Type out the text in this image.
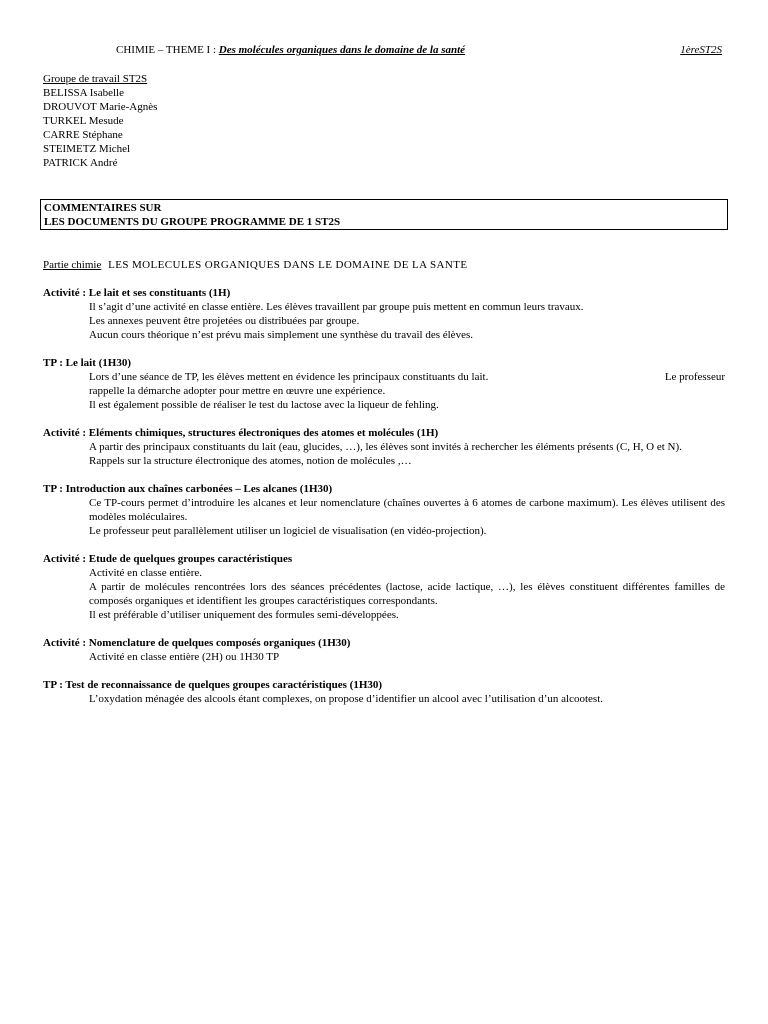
CHIMIE – THEME I : Des molécules organiques dans le domaine de la santé	1èreST2S
Groupe de travail ST2S
BELISSA Isabelle
DROUVOT Marie-Agnès
TURKEL Mesude
CARRE Stéphane
STEIMETZ Michel
PATRICK André
COMMENTAIRES SUR
LES DOCUMENTS DU GROUPE PROGRAMME DE 1 ST2S
Partie chimie LES MOLECULES ORGANIQUES DANS LE DOMAINE DE LA SANTE
Activité : Le lait et ses constituants (1H)

Il s’agit d’une activité en classe entière. Les élèves travaillent par groupe puis mettent en commun leurs travaux.

Les annexes peuvent être projetées ou distribuées par groupe.

Aucun cours théorique n’est prévu mais simplement une synthèse du travail des élèves.

TP : Le lait (1H30)
Lors d’une séance de TP, les élèves mettent en évidence les principaux constituants du lait.	Le professeur

rappelle la démarche adopter pour mettre en œuvre une expérience.

Il est également possible de réaliser le test du lactose avec la liqueur de fehling.

Activité : Eléments chimiques, structures électroniques des atomes et molécules (1H)

A partir des principaux constituants du lait (eau, glucides, …), les élèves sont invités à rechercher les éléments présents (C, H, O et N).

Rappels sur la structure électronique des atomes, notion de molécules ,…

TP : Introduction aux chaînes carbonées – Les alcanes (1H30)

Ce TP-cours permet d’introduire les alcanes et leur nomenclature (chaînes ouvertes à 6 atomes de carbone maximum). Les élèves utilisent des modèles moléculaires.

Le professeur peut parallèlement utiliser un logiciel de visualisation (en vidéo-projection).

Activité : Etude de quelques groupes caractéristiques

Activité en classe entière.

A partir de molécules rencontrées lors des séances précédentes (lactose, acide lactique, …), les élèves constituent différentes familles de composés organiques et identifient les groupes caractéristiques correspondants.

Il est préférable d’utiliser uniquement des formules semi-développées.

Activité : Nomenclature de quelques composés organiques (1H30)

Activité en classe entière (2H) ou 1H30 TP

TP : Test de reconnaissance de quelques groupes caractéristiques (1H30)

L’oxydation ménagée des alcools étant complexes, on propose d’identifier un alcool avec l’utilisation d’un alcootest.
